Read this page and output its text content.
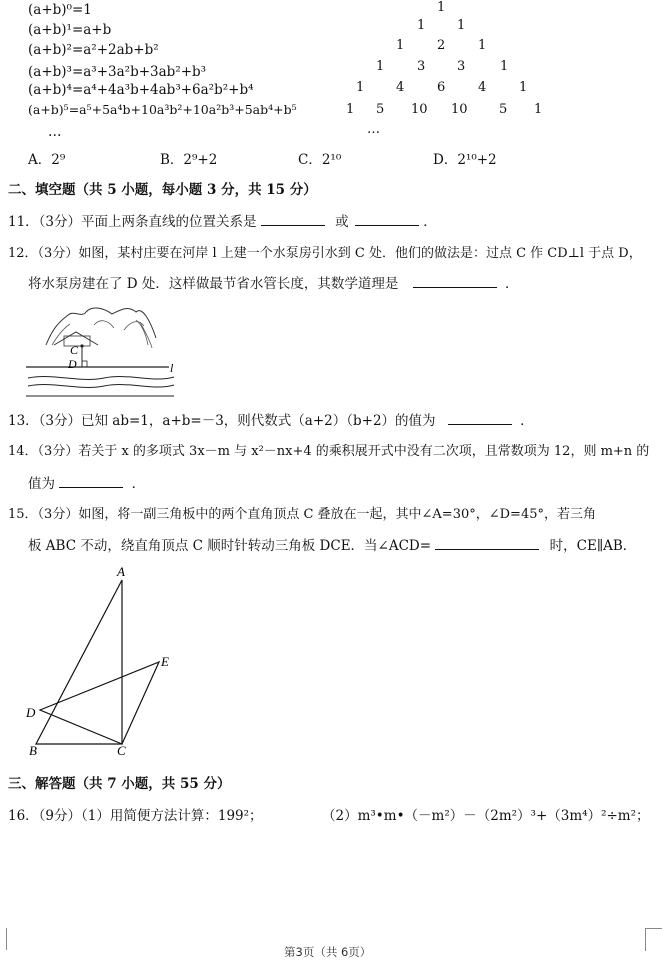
(a+b)⁰=1
(a+b)¹=a+b
(a+b)²=a²+2ab+b²
(a+b)³=a³+3a²b+3ab²+b³
(a+b)⁴=a⁴+4a³b+4ab³+6a²b²+b⁴
(a+b)⁵=a⁵+5a⁴b+10a³b²+10a²b³+5ab⁴+b⁵
…
1
1 1
1	2	1
1	3 3	1
1 4	6	4	1
1 5 10 10 5 1
…
A．2⁹	B．2⁹+2	C．2¹⁰	D．2¹⁰+2
二、填空题（共 5 小题，每小题 3 分，共 15 分）
11．（3分）平面上两条直线的位置关系是	或	．
12．（3分）如图，某村庄要在河岸 l 上建一个水泵房引水到 C 处．他们的做法是：过点 C 作 CD⊥l 于点 D，
将水泵房建在了 D 处．这样做最节省水管长度，其数学道理是	．
C
D	l
13．（3分）已知 ab=1，a+b=－3，则代数式（a+2）（b+2）的值为	．
14．（3分）若关于 x 的多项式 3x－m 与 x²－nx+4 的乘积展开式中没有二次项，且常数项为 12，则 m+n 的
值为	．
15．（3分）如图，将一副三角板中的两个直角顶点 C 叠放在一起，其中∠A=30°，∠D=45°，若三角
板 ABC 不动，绕直角顶点 C 顺时针转动三角板 DCE．当∠ACD=	时，CE∥AB．
A
B	C
D
E
三、解答题（共 7 小题，共 55 分）
16．（9分）（1）用简便方法计算：199²；	（2）m³•m•（－m²）－（2m²）³+（3m⁴）²÷m²；
第3页（共 6页）
